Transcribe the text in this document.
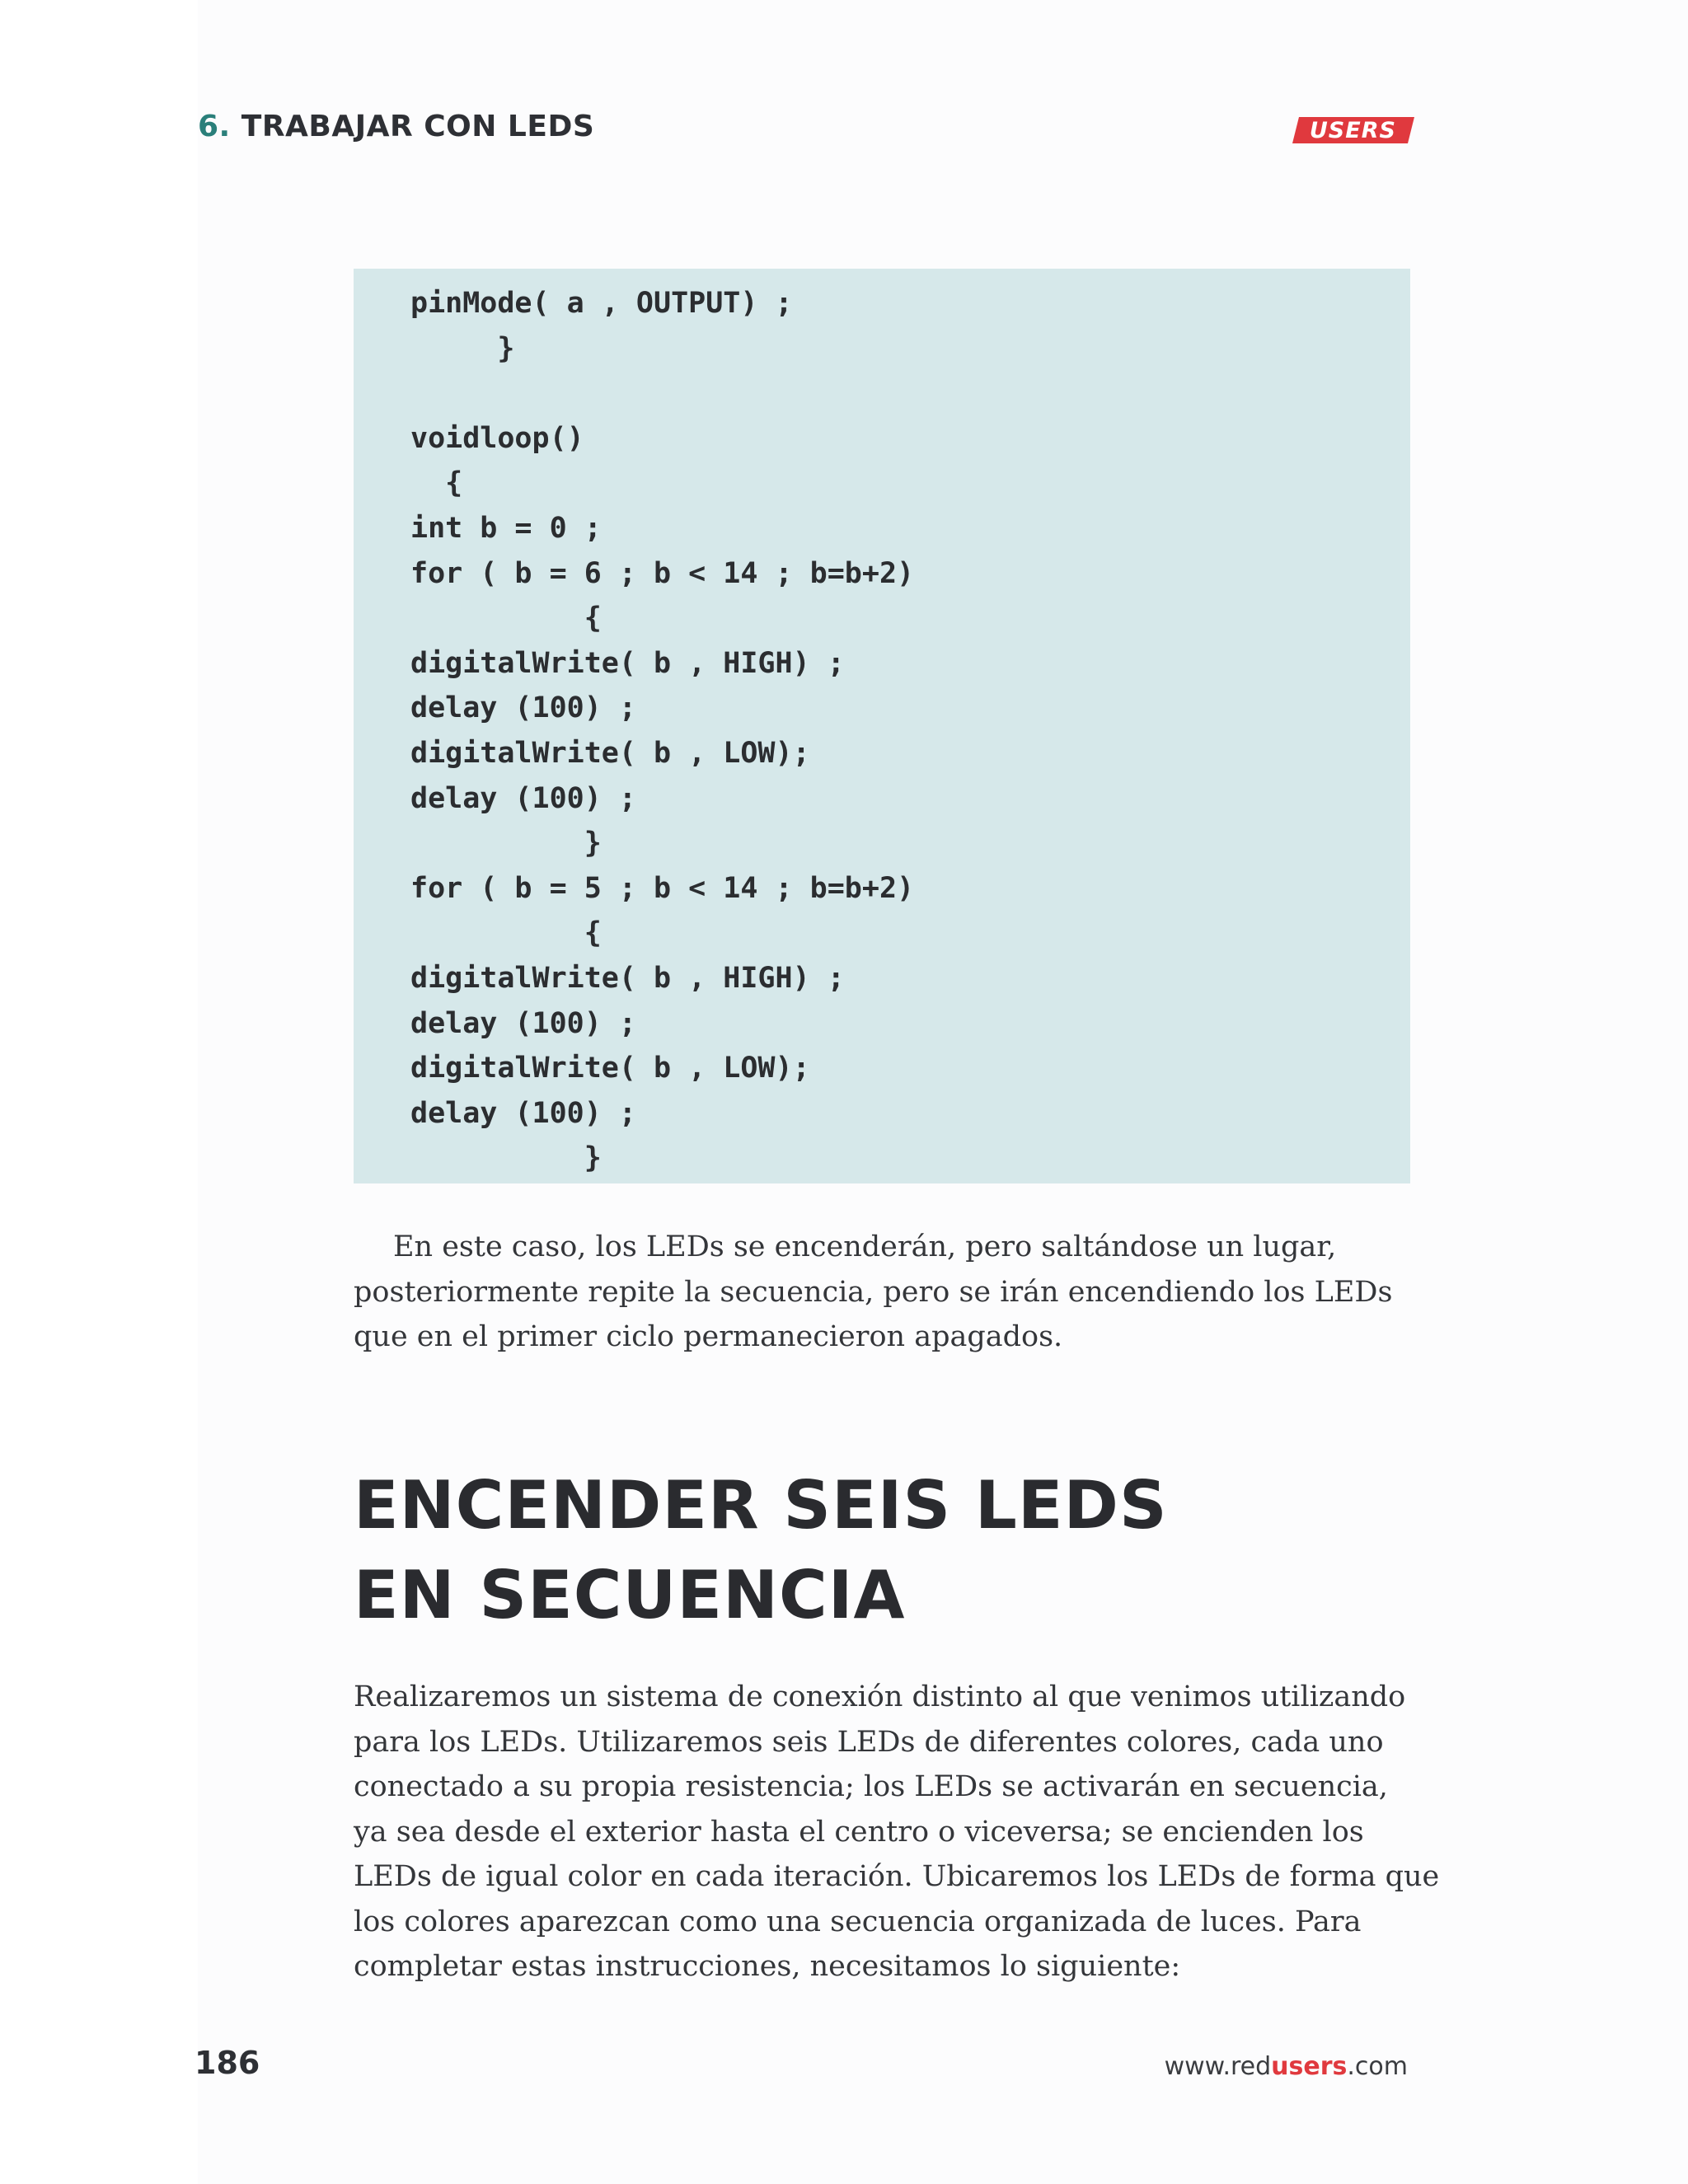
6. TRABAJAR CON LEDS	USERS
pinMode( a , OUTPUT) ;
}
voidloop()
{
int b = 0 ;
for ( b = 6 ; b < 14 ; b=b+2)
{
digitalWrite( b , HIGH) ;
delay (100) ;
digitalWrite( b , LOW);
delay (100) ;
}
for ( b = 5 ; b < 14 ; b=b+2)
{
digitalWrite( b , HIGH) ;
delay (100) ;
digitalWrite( b , LOW);
delay (100) ;
}

En este caso, los LEDs se encenderán, pero saltándose un lugar,
posteriormente repite la secuencia, pero se irán encendiendo los LEDs
que en el primer ciclo permanecieron apagados.

ENCENDER SEIS LEDS
EN SECUENCIA

Realizaremos un sistema de conexión distinto al que venimos utilizando
para los LEDs. Utilizaremos seis LEDs de diferentes colores, cada uno
conectado a su propia resistencia; los LEDs se activarán en secuencia,
ya sea desde el exterior hasta el centro o viceversa; se encienden los
LEDs de igual color en cada iteración. Ubicaremos los LEDs de forma que
los colores aparezcan como una secuencia organizada de luces. Para
completar estas instrucciones, necesitamos lo siguiente:

186	www.redusers.com
